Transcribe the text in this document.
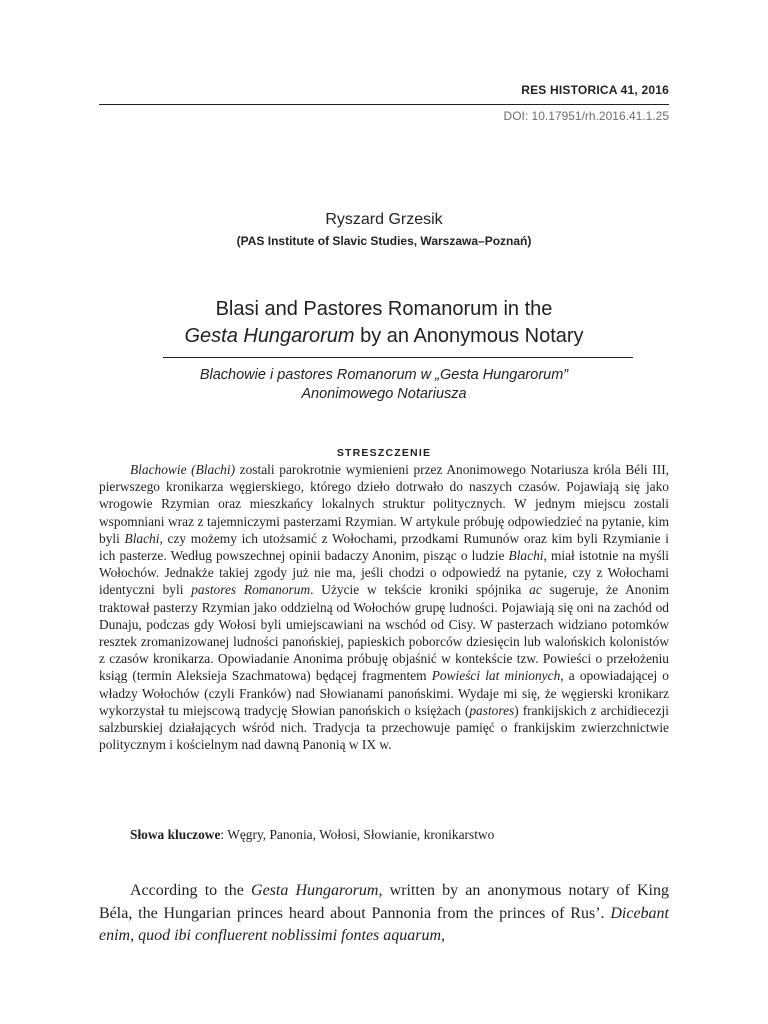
RES HISTORICA 41, 2016
DOI: 10.17951/rh.2016.41.1.25
Ryszard Grzesik
(PAS Institute of Slavic Studies, Warszawa–Poznań)
Blasi and Pastores Romanorum in the
Gesta Hungarorum by an Anonymous Notary
Blachowie i pastores Romanorum w „Gesta Hungarorum”
Anonimowego Notariusza
STRESZCZENIE

Blachowie (Blachi) zostali parokrotnie wymienieni przez Anonimowego Notariusza króla Béli III, pierwszego kronikarza węgierskiego, którego dzieło dotrwało do naszych czasów. Pojawiają się jako wrogowie Rzymian oraz mieszkańcy lokalnych struktur politycznych. W jednym miejscu zostali wspomniani wraz z tajemniczymi pasterzami Rzymian. W artykule próbuję odpowiedzieć na pytanie, kim byli Blachi, czy możemy ich utożsamić z Wołochami, przodkami Rumunów oraz kim byli Rzymianie i ich pasterze. Według powszechnej opinii badaczy Anonim, pisząc o ludzie Blachi, miał istotnie na myśli Wołochów. Jednakże takiej zgody już nie ma, jeśli chodzi o odpowiedź na pytanie, czy z Wołochami identyczni byli pastores Romanorum. Użycie w tekście kroniki spójnika ac sugeruje, że Anonim traktował pasterzy Rzymian jako oddzielną od Wołochów grupę ludności. Pojawiają się oni na zachód od Dunaju, podczas gdy Wołosi byli umiejscawiani na wschód od Cisy. W pasterzach widziano potomków resztek zromanizowanej ludności panońskiej, papieskich poborców dziesięcin lub walońskich kolonistów z czasów kronikarza. Opowiadanie Anonima próbuję objaśnić w kontekście tzw. Powieści o przełożeniu ksiąg (termin Aleksieja Szachmatowa) będącej fragmentem Powieści lat minionych, a opowiadającej o władzy Wołochów (czyli Franków) nad Słowianami panońskimi. Wydaje mi się, że węgierski kronikarz wykorzystał tu miejscową tradycję Słowian panońskich o księżach (pastores) frankijskich z archidiecezji salzburskiej działających wśród nich. Tradycja ta przechowuje pamięć o frankijskim zwierzchnictwie politycznym i kościelnym nad dawną Panonią w IX w.

Słowa kluczowe: Węgry, Panonia, Wołosi, Słowianie, kronikarstwo

According to the Gesta Hungarorum, written by an anonymous notary of King Béla, the Hungarian princes heard about Pannonia from the princes of Rus’. Dicebant enim, quod ibi confluerent noblissimi fontes aquarum,
